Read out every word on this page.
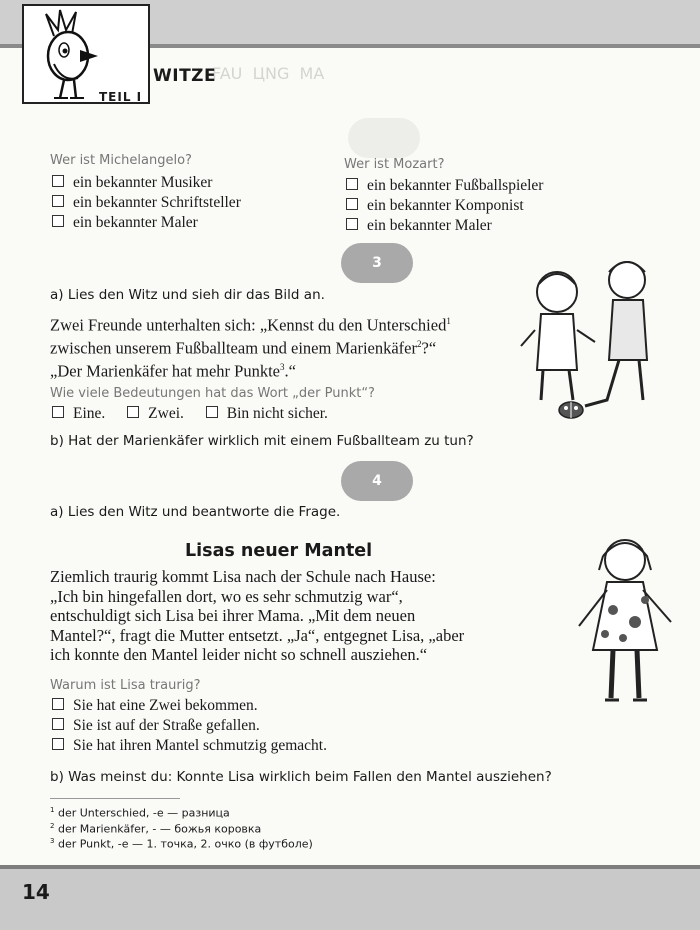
FAU  ЦNG  MA
TEIL I
WITZE
Wer ist Michelangelo?
ein bekannter Musiker
ein bekannter Schriftsteller
ein bekannter Maler
Wer ist Mozart?
ein bekannter Fußballspieler
ein bekannter Komponist
ein bekannter Maler
3
a) Lies den Witz und sieh dir das Bild an.
Zwei Freunde unterhalten sich: „Kennst du den Unterschied$^1$
zwischen unserem Fußballteam und einem Marienkäfer$^2$?“
„Der Marienkäfer hat mehr Punkte$^3$.“
Wie viele Bedeutungen hat das Wort „der Punkt“?
Eine.	Zwei.	Bin nicht sicher.
b) Hat der Marienkäfer wirklich mit einem Fußballteam zu tun?
4
a) Lies den Witz und beantworte die Frage.
Lisas neuer Mantel
Ziemlich traurig kommt Lisa nach der Schule nach Hause:
„Ich bin hingefallen dort, wo es sehr schmutzig war“,
entschuldigt sich Lisa bei ihrer Mama. „Mit dem neuen
Mantel?“, fragt die Mutter entsetzt. „Ja“, entgegnet Lisa, „aber
ich konnte den Mantel leider nicht so schnell ausziehen.“
Warum ist Lisa traurig?
Sie hat eine Zwei bekommen.
Sie ist auf der Straße gefallen.
Sie hat ihren Mantel schmutzig gemacht.
b) Was meinst du: Konnte Lisa wirklich beim Fallen den Mantel ausziehen?
$^1$ der Unterschied, -e — разница
$^2$ der Marienkäfer, - — божья коровка
$^3$ der Punkt, -e — 1. точка, 2. очко (в футболе)
14
